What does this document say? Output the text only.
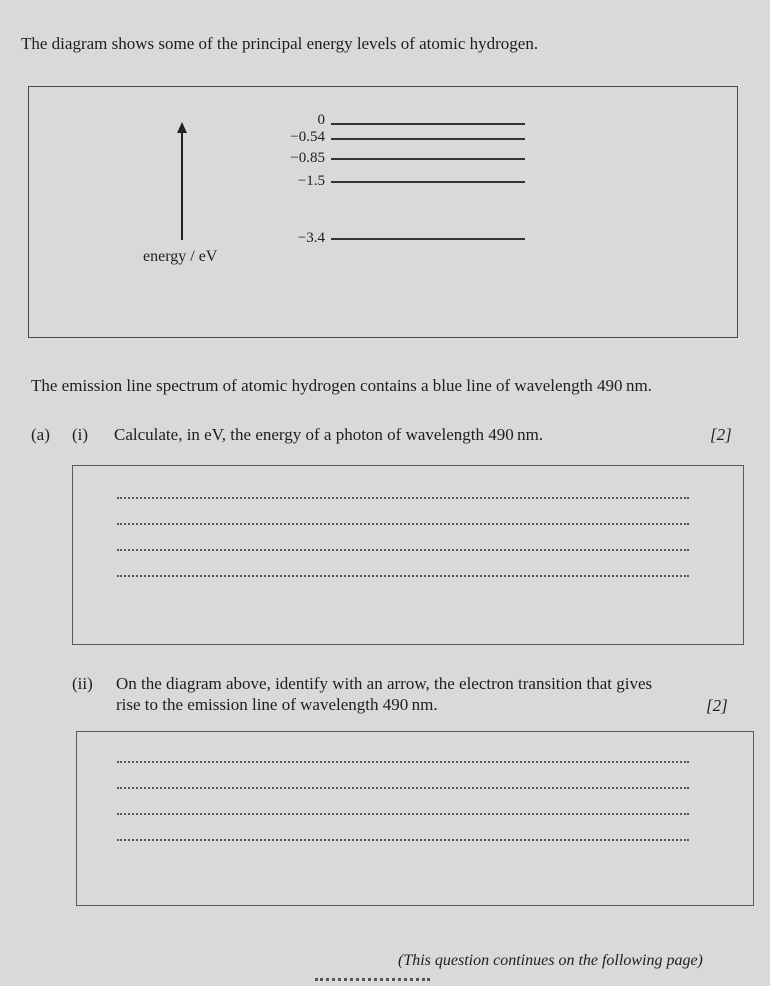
The diagram shows some of the principal energy levels of atomic hydrogen.
energy / eV
0
−0.54
−0.85
−1.5
−3.4
The emission line spectrum of atomic hydrogen contains a blue line of wavelength 490 nm.
(a) (i) Calculate, in eV, the energy of a photon of wavelength 490 nm.	[2]
(ii) On the diagram above, identify with an arrow, the electron transition that gives
rise to the emission line of wavelength 490 nm.	[2]
(This question continues on the following page)
